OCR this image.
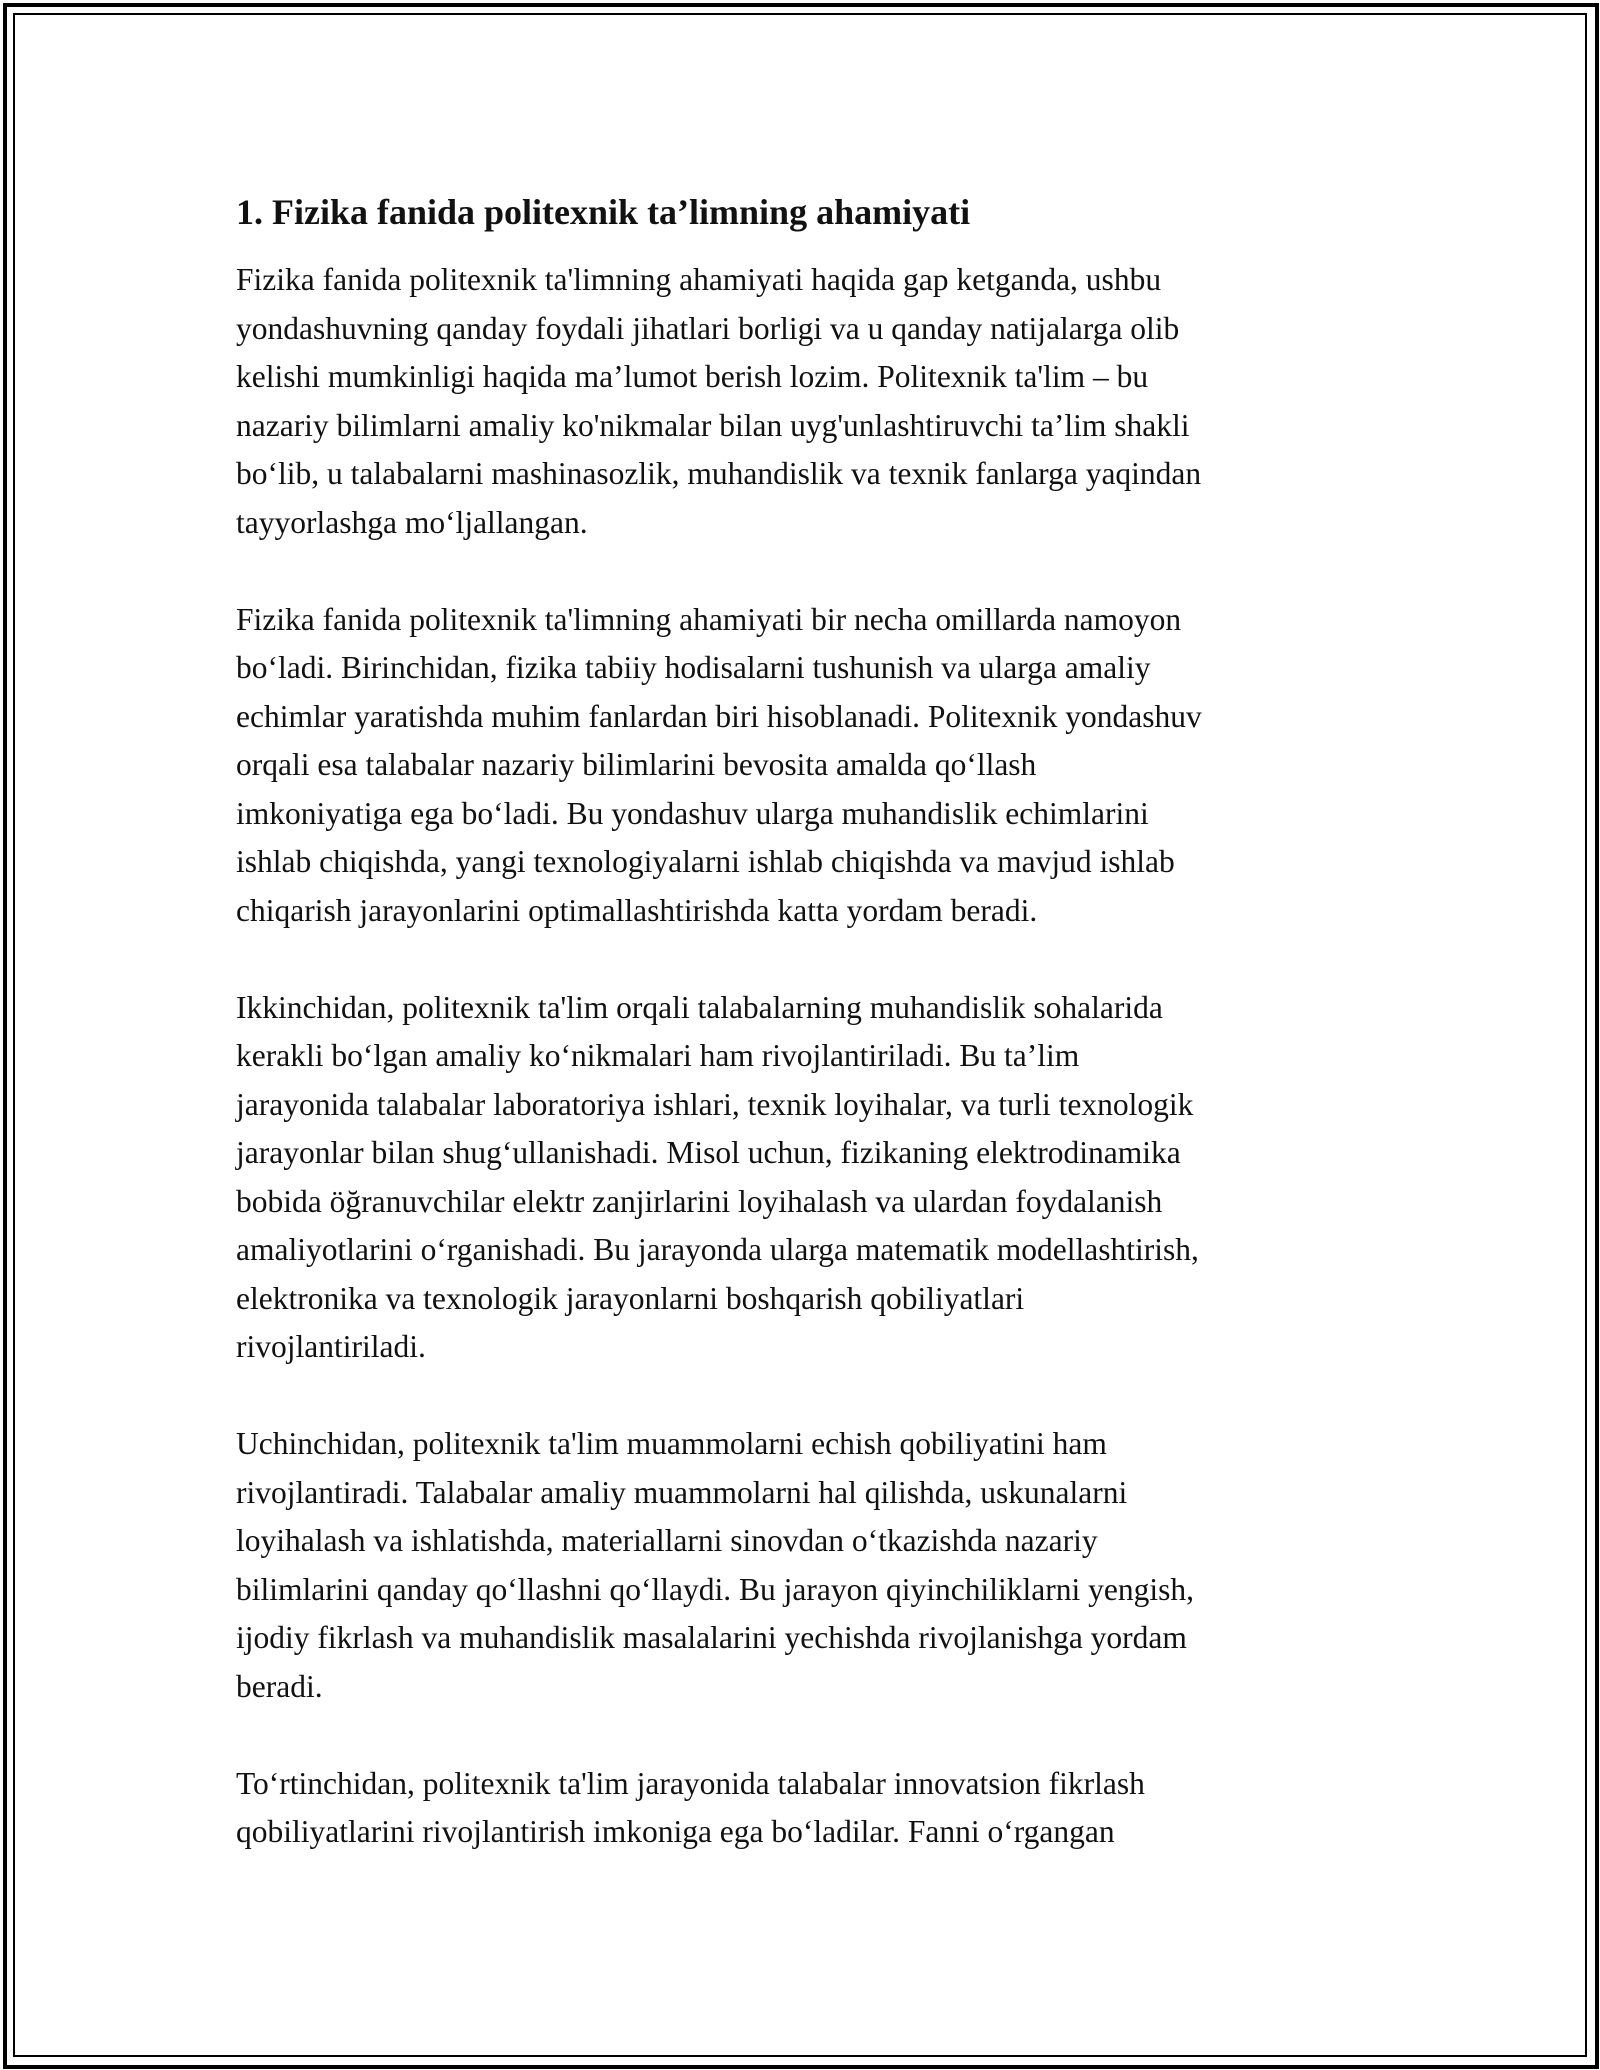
1. Fizika fanida politexnik ta’limning ahamiyati

Fizika fanida politexnik ta'limning ahamiyati haqida gap ketganda, ushbu
yondashuvning qanday foydali jihatlari borligi va u qanday natijalarga olib
kelishi mumkinligi haqida ma’lumot berish lozim. Politexnik ta'lim – bu
nazariy bilimlarni amaliy ko'nikmalar bilan uyg'unlashtiruvchi ta’lim shakli
bo‘lib, u talabalarni mashinasozlik, muhandislik va texnik fanlarga yaqindan
tayyorlashga mo‘ljallangan.

Fizika fanida politexnik ta'limning ahamiyati bir necha omillarda namoyon
bo‘ladi. Birinchidan, fizika tabiiy hodisalarni tushunish va ularga amaliy
echimlar yaratishda muhim fanlardan biri hisoblanadi. Politexnik yondashuv
orqali esa talabalar nazariy bilimlarini bevosita amalda qo‘llash
imkoniyatiga ega bo‘ladi. Bu yondashuv ularga muhandislik echimlarini
ishlab chiqishda, yangi texnologiyalarni ishlab chiqishda va mavjud ishlab
chiqarish jarayonlarini optimallashtirishda katta yordam beradi.

Ikkinchidan, politexnik ta'lim orqali talabalarning muhandislik sohalarida
kerakli bo‘lgan amaliy ko‘nikmalari ham rivojlantiriladi. Bu ta’lim
jarayonida talabalar laboratoriya ishlari, texnik loyihalar, va turli texnologik
jarayonlar bilan shug‘ullanishadi. Misol uchun, fizikaning elektrodinamika
bobida öğranuvchilar elektr zanjirlarini loyihalash va ulardan foydalanish
amaliyotlarini o‘rganishadi. Bu jarayonda ularga matematik modellashtirish,
elektronika va texnologik jarayonlarni boshqarish qobiliyatlari
rivojlantiriladi.

Uchinchidan, politexnik ta'lim muammolarni echish qobiliyatini ham
rivojlantiradi. Talabalar amaliy muammolarni hal qilishda, uskunalarni
loyihalash va ishlatishda, materiallarni sinovdan o‘tkazishda nazariy
bilimlarini qanday qo‘llashni qo‘llaydi. Bu jarayon qiyinchiliklarni yengish,
ijodiy fikrlash va muhandislik masalalarini yechishda rivojlanishga yordam
beradi.

To‘rtinchidan, politexnik ta'lim jarayonida talabalar innovatsion fikrlash
qobiliyatlarini rivojlantirish imkoniga ega bo‘ladilar. Fanni o‘rgangan
